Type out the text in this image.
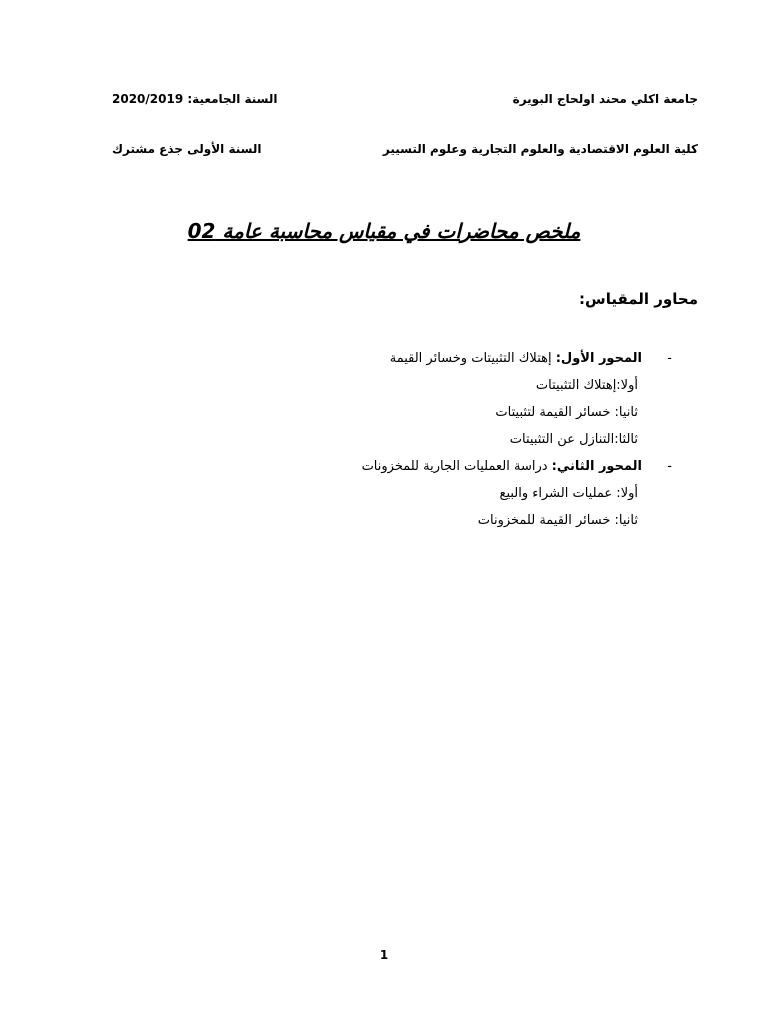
جامعة اكلي محند اولحاج البويرة
السنة الجامعية: 2020/2019
كلية العلوم الاقتصادية والعلوم التجارية وعلوم التسيير
السنة الأولى جذع مشترك
ملخص محاضرات في مقياس محاسبة عامة 02
محاور المقياس:
-المحور الأول: إهتلاك التثبيتات وخسائر القيمة
أولا:إهتلاك التثبيتات
ثانيا: خسائر القيمة لتثبيتات
ثالثا:التنازل عن التثبيتات
-المحور الثاني: دراسة العمليات الجارية للمخزونات
أولا: عمليات الشراء والبيع
ثانيا: خسائر القيمة للمخزونات
1
